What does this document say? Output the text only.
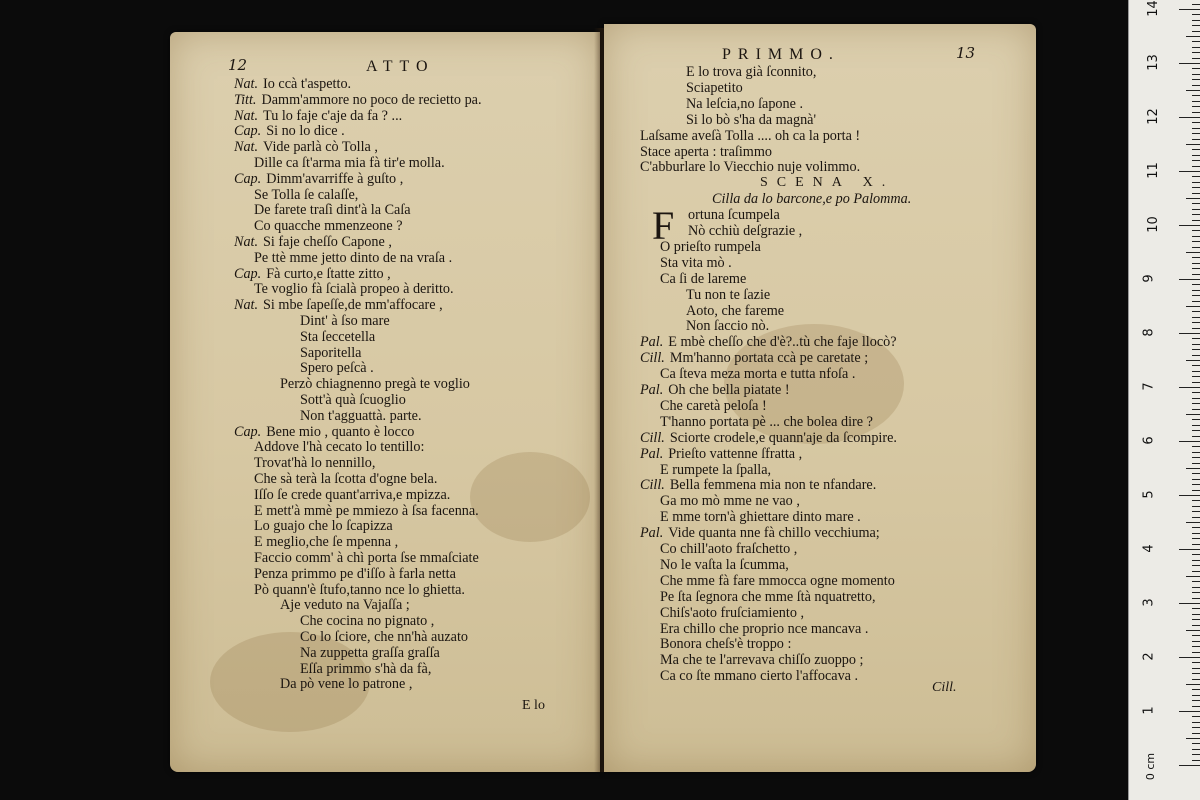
12	ATTO
Nat. Io ccà t'aspetto.
Titt. Damm'ammore no poco de recietto pa.
Nat. Tu lo faje c'aje da fa ? ...
Cap. Si no lo dice .
Nat. Vide parlà cò Tolla ,
Dille ca ſt'arma mia fà tir'e molla.
Cap. Dimm'avarriffe à guſto ,
Se Tolla ſe calaſſe,
De farete traſì dint'à la Caſa
Co quacche mmenzeone ?
Nat. Si faje cheſſo Capone ,
Pe ttè mme jetto dinto de na vraſa .
Cap. Fà curto,e ſtatte zitto ,
Te voglio fà ſcialà propeo à deritto.
Nat. Si mbe ſapeſſe,de mm'affocare ,
Dint' à ſso mare
Sta ſeccetella
Saporitella
Spero peſcà .
Perzò chiagnenno pregà te voglio
Sott'à quà ſcuoglio
Non t'agguattà. parte.
Cap. Bene mio , quanto è locco
Addove l'hà cecato lo tentillo:
Trovat'hà lo nennillo,
Che sà terà la ſcotta d'ogne bela.
Iſſo ſe crede quant'arriva,e mpizza.
E mett'à mmè pe mmiezo à ſsa facenna.
Lo guajo che lo ſcapizza
E meglio,che ſe mpenna ,
Faccio comm' à chì porta ſse mmaſciate
Penza primmo pe d'iſſo à farla netta
Pò quann'è ſtufo,tanno nce lo ghietta.
Aje veduto na Vajaſſa ;
Che cocina no pignato ,
Co lo ſciore, che nn'hà auzato
Na zuppetta graſſa graſſa
Eſſa primmo s'hà da fà,
Da pò vene lo patrone ,
E lo
PRIMMO.	13
F
E lo trova già ſconnito,
Sciapetito
Na leſcia,no ſapone .
Si lo bò s'ha da magnà'
Laſsame aveſà Tolla .... oh ca la porta !
Stace aperta : traſimmo
C'abburlare lo Viecchio nuje volimmo.
SCENA X.
Cilla da lo barcone,e po Palomma.
ortuna ſcumpela
Nò cchiù deſgrazie ,
O prieſto rumpela
Sta vita mò .
Ca ſi de lareme
Tu non te ſazie
Aoto, che fareme
Non ſaccio nò.
Pal. E mbè cheſſo che d'è?..tù che faje llocò?
Cill. Mm'hanno portata ccà pe caretate ;
Ca ſteva meza morta e tutta nfoſa .
Pal. Oh che bella piatate !
Che caretà peloſa !
T'hanno portata pè ... che bolea dire ?
Cill. Sciorte crodele,e quann'aje da ſcompire.
Pal. Prieſto vattenne ſfratta ,
E rumpete la ſpalla,
Cill. Bella femmena mia non te nfandare.
Ga mo mò mme ne vao ,
E mme torn'à ghiettare dinto mare .
Pal. Vide quanta nne fà chillo vecchiuma;
Co chill'aoto fraſchetto ,
No le vaſta la ſcumma,
Che mme fà fare mmocca ogne momento
Pe ſta ſegnora che mme ſtà nquatretto,
Chiſs'aoto fruſciamiento ,
Era chillo che proprio nce mancava .
Bonora cheſs'è troppo :
Ma che te l'arrevava chiſſo zuoppo ;
Ca co ſte mmano cierto l'affocava .
Cill.
0 cm
1
2
3
4
5
6
7
8
9
10
11
12
13
14
